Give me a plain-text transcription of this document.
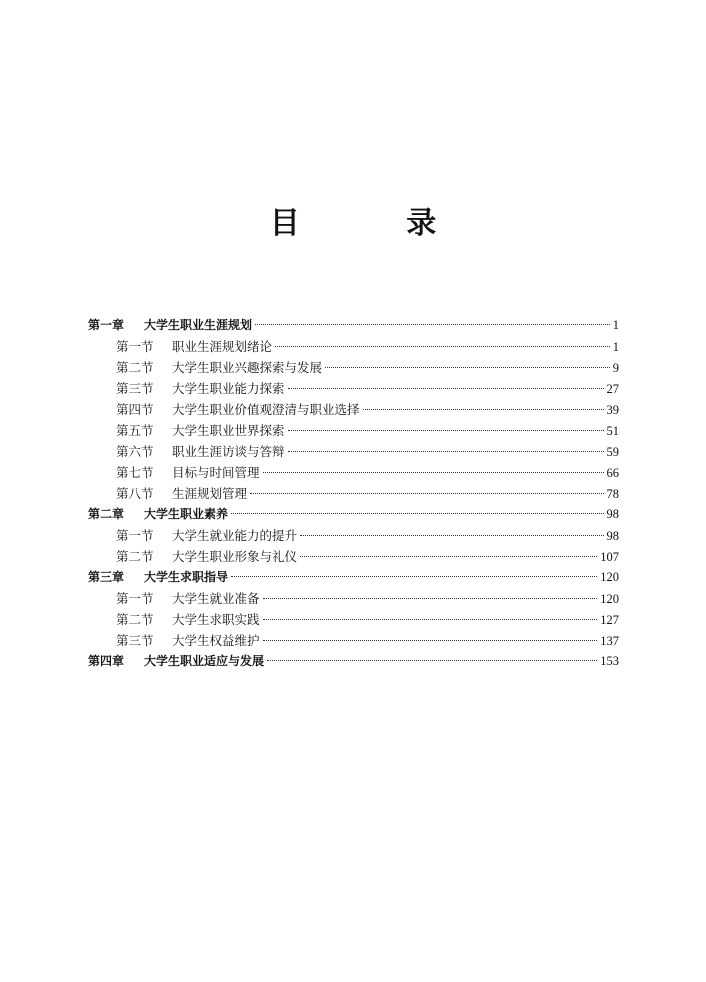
目 录
第一章	大学生职业生涯规划	1
第一节	职业生涯规划绪论	1
第二节	大学生职业兴趣探索与发展	9
第三节	大学生职业能力探索	27
第四节	大学生职业价值观澄清与职业选择	39
第五节	大学生职业世界探索	51
第六节	职业生涯访谈与答辩	59
第七节	目标与时间管理	66
第八节	生涯规划管理	78
第二章	大学生职业素养	98
第一节	大学生就业能力的提升	98
第二节	大学生职业形象与礼仪	107
第三章	大学生求职指导	120
第一节	大学生就业准备	120
第二节	大学生求职实践	127
第三节	大学生权益维护	137
第四章	大学生职业适应与发展	153
